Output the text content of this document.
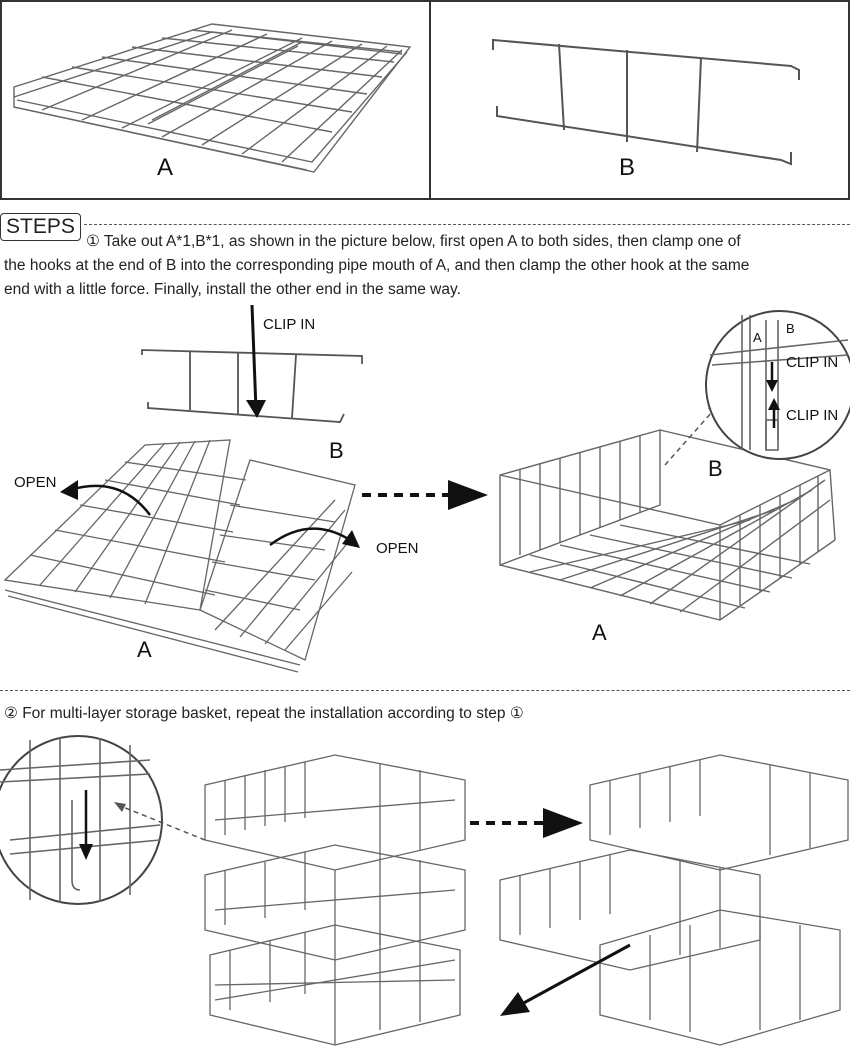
A	B
STEPS
① Take out A*1,B*1, as shown in the picture below, first open A to both sides, then clamp one of
the hooks at the end of B into the corresponding pipe mouth of A, and then clamp the other hook at the same
end with a little force. Finally, install the other end in the same way.
CLIP IN
B
OPEN
OPEN
A
B
A
A
B
CLIP IN
CLIP IN
② For multi-layer storage basket, repeat the installation according to step ①
